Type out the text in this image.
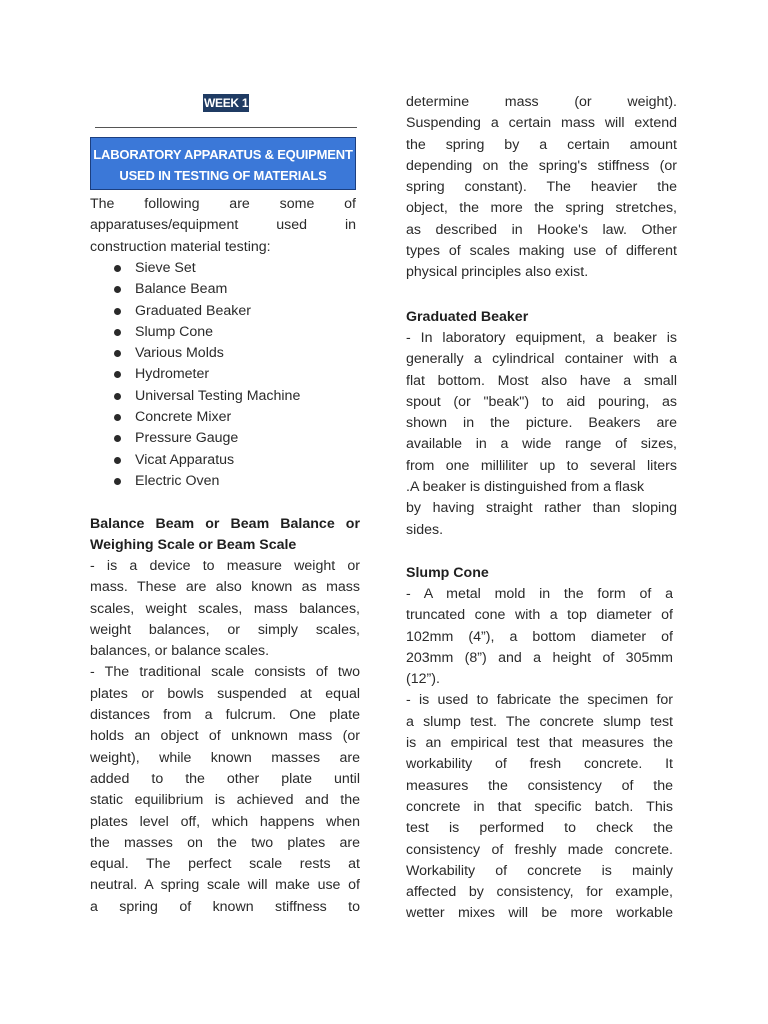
WEEK 1
LABORATORY APPARATUS & EQUIPMENT
USED IN TESTING OF MATERIALS

The following are some of

apparatuses/equipment used in

construction material testing:

Sieve Set
Balance Beam
Graduated Beaker
Slump Cone
Various Molds
Hydrometer
Universal Testing Machine
Concrete Mixer
Pressure Gauge
Vicat Apparatus
Electric Oven

Balance Beam or Beam Balance or

Weighing Scale or Beam Scale

- is a device to measure weight or

mass. These are also known as mass

scales, weight scales, mass balances,

weight balances, or simply scales,

balances, or balance scales.

- The traditional scale consists of two

plates or bowls suspended at equal

distances from a fulcrum. One plate

holds an object of unknown mass (or

weight), while known masses are

added to the other plate until

static equilibrium is achieved and the

plates level off, which happens when

the masses on the two plates are

equal. The perfect scale rests at

neutral. A spring scale will make use of

a spring of known stiffness to

determine mass (or weight).

Suspending a certain mass will extend

the spring by a certain amount

depending on the spring's stiffness (or

spring constant). The heavier the

object, the more the spring stretches,

as described in Hooke's law. Other

types of scales making use of different

physical principles also exist.

Graduated Beaker

- In laboratory equipment, a beaker is

generally a cylindrical container with a

flat bottom. Most also have a small

spout (or "beak") to aid pouring, as

shown in the picture. Beakers are

available in a wide range of sizes,

from one milliliter up to several liters

.A beaker is distinguished from a flask

by having straight rather than sloping

sides.

Slump Cone

- A metal mold in the form of a

truncated cone with a top diameter of

102mm (4”), a bottom diameter of

203mm (8”) and a height of 305mm

(12”).

- is used to fabricate the specimen for

a slump test. The concrete slump test

is an empirical test that measures the

workability of fresh concrete. It

measures the consistency of the

concrete in that specific batch. This

test is performed to check the

consistency of freshly made concrete.

Workability of concrete is mainly

affected by consistency, for example,

wetter mixes will be more workable
